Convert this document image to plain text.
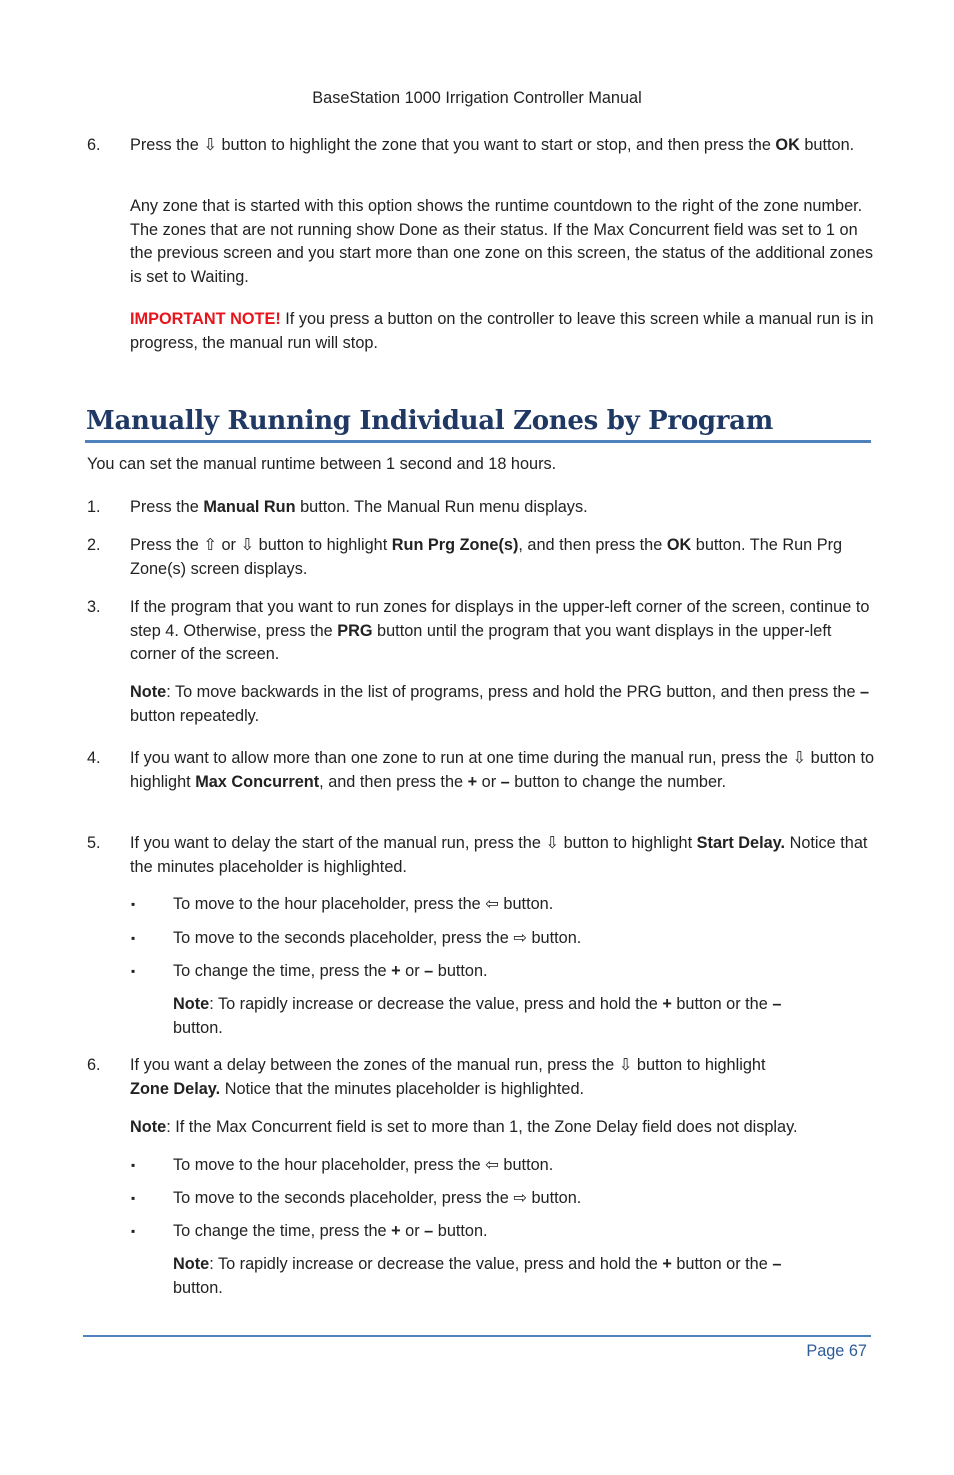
BaseStation 1000 Irrigation Controller Manual
6. Press the ⇩ button to highlight the zone that you want to start or stop, and then press the OK button.
Any zone that is started with this option shows the runtime countdown to the right of the zone number. The zones that are not running show Done as their status. If the Max Concurrent field was set to 1 on the previous screen and you start more than one zone on this screen, the status of the additional zones is set to Waiting.
IMPORTANT NOTE! If you press a button on the controller to leave this screen while a manual run is in progress, the manual run will stop.
Manually Running Individual Zones by Program
You can set the manual runtime between 1 second and 18 hours.
1. Press the Manual Run button. The Manual Run menu displays.
2. Press the ⇧ or ⇩ button to highlight Run Prg Zone(s), and then press the OK button. The Run Prg Zone(s) screen displays.
3. If the program that you want to run zones for displays in the upper-left corner of the screen, continue to step 4. Otherwise, press the PRG button until the program that you want displays in the upper-left corner of the screen.
Note: To move backwards in the list of programs, press and hold the PRG button, and then press the – button repeatedly.
4. If you want to allow more than one zone to run at one time during the manual run, press the ⇩ button to highlight Max Concurrent, and then press the + or – button to change the number.
5. If you want to delay the start of the manual run, press the ⇩ button to highlight Start Delay. Notice that the minutes placeholder is highlighted.
▪ To move to the hour placeholder, press the ⇦ button.
▪ To move to the seconds placeholder, press the ⇨ button.
▪ To change the time, press the + or – button.
Note: To rapidly increase or decrease the value, press and hold the + button or the –
button.
6. If you want a delay between the zones of the manual run, press the ⇩ button to highlight
Zone Delay. Notice that the minutes placeholder is highlighted.
Note: If the Max Concurrent field is set to more than 1, the Zone Delay field does not display.
▪ To move to the hour placeholder, press the ⇦ button.
▪ To move to the seconds placeholder, press the ⇨ button.
▪ To change the time, press the + or – button.
Note: To rapidly increase or decrease the value, press and hold the + button or the –
button.
Page 67
